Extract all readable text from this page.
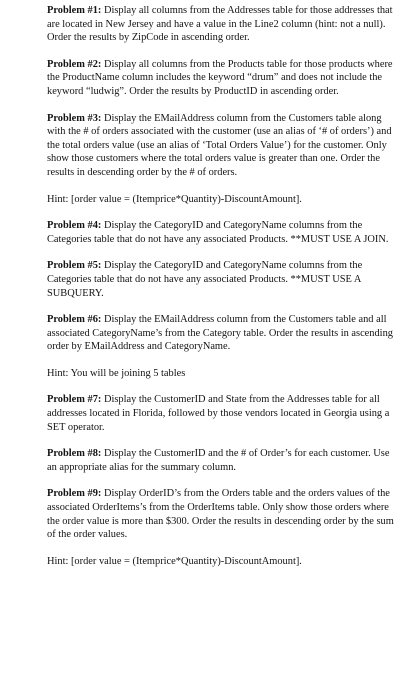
Problem #1: Display all columns from the Addresses table for those addresses that are located in New Jersey and have a value in the Line2 column (hint: not a null). Order the results by ZipCode in ascending order.

Problem #2: Display all columns from the Products table for those products where the ProductName column includes the keyword “drum” and does not include the keyword “ludwig”. Order the results by ProductID in ascending order.

Problem #3: Display the EMailAddress column from the Customers table along with the # of orders associated with the customer (use an alias of ‘# of orders’) and the total orders value (use an alias of ‘Total Orders Value’) for the customer. Only show those customers where the total orders value is greater than one. Order the results in descending order by the # of orders.

Hint: [order value = (Itemprice*Quantity)-DiscountAmount].

Problem #4: Display the CategoryID and CategoryName columns from the Categories table that do not have any associated Products. **MUST USE A JOIN.

Problem #5: Display the CategoryID and CategoryName columns from the Categories table that do not have any associated Products. **MUST USE A SUBQUERY.

Problem #6: Display the EMailAddress column from the Customers table and all associated CategoryName’s from the Category table. Order the results in ascending order by EMailAddress and CategoryName.

Hint: You will be joining 5 tables

Problem #7: Display the CustomerID and State from the Addresses table for all addresses located in Florida, followed by those vendors located in Georgia using a SET operator.

Problem #8: Display the CustomerID and the # of Order’s for each customer. Use an appropriate alias for the summary column.

Problem #9: Display OrderID’s from the Orders table and the orders values of the associated OrderItems’s from the OrderItems table. Only show those orders where the order value is more than $300. Order the results in descending order by the sum of the order values.

Hint: [order value = (Itemprice*Quantity)-DiscountAmount].
